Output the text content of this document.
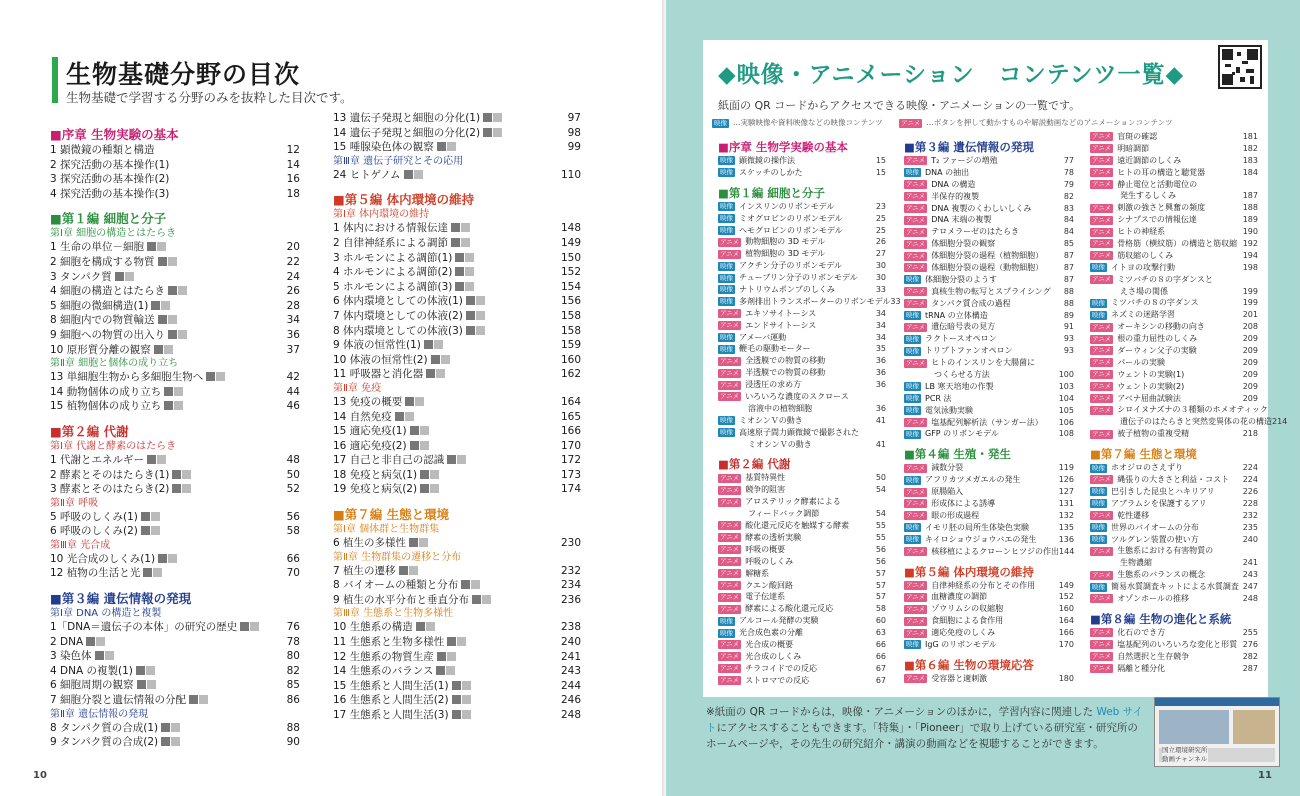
生物基礎分野の目次
生物基礎で学習する分野のみを抜粋した目次です。
■序章 生物実験の基本
1 顕微鏡の種類と構造	12
2 探究活動の基本操作(1)	14
3 探究活動の基本操作(2)	16
4 探究活動の基本操作(3)	18
■第１編 細胞と分子
第Ⅰ章 細胞の構造とはたらき
1 生命の単位－細胞	20
2 細胞を構成する物質	22
3 タンパク質	24
4 細胞の構造とはたらき	26
5 細胞の微細構造(1)	28
8 細胞内での物質輸送	34
9 細胞への物質の出入り	36
10 原形質分離の観察	37
第Ⅱ章 細胞と個体の成り立ち
13 単細胞生物から多細胞生物へ	42
14 動物個体の成り立ち	44
15 植物個体の成り立ち	46
■第２編 代謝
第Ⅰ章 代謝と酵素のはたらき
1 代謝とエネルギー	48
2 酵素とそのはたらき(1)	50
3 酵素とそのはたらき(2)	52
第Ⅱ章 呼吸
5 呼吸のしくみ(1)	56
6 呼吸のしくみ(2)	58
第Ⅲ章 光合成
10 光合成のしくみ(1)	66
12 植物の生活と光	70
■第３編 遺伝情報の発現
第Ⅰ章 DNA の構造と複製
1「DNA＝遺伝子の本体」の研究の歴史	76
2 DNA	78
3 染色体	80
4 DNA の複製(1)	82
6 細胞周期の観察	85
7 細胞分裂と遺伝情報の分配	86
第Ⅱ章 遺伝情報の発現
8 タンパク質の合成(1)	88
9 タンパク質の合成(2)	90
13 遺伝子発現と細胞の分化(1)	97
14 遺伝子発現と細胞の分化(2)	98
15 唾腺染色体の観察	99
第Ⅲ章 遺伝子研究とその応用
24 ヒトゲノム	110
■第５編 体内環境の維持
第Ⅰ章 体内環境の維持
1 体内における情報伝達	148
2 自律神経系による調節	149
3 ホルモンによる調節(1)	150
4 ホルモンによる調節(2)	152
5 ホルモンによる調節(3)	154
6 体内環境としての体液(1)	156
7 体内環境としての体液(2)	158
8 体内環境としての体液(3)	158
9 体液の恒常性(1)	159
10 体液の恒常性(2)	160
11 呼吸器と消化器	162
第Ⅱ章 免疫
13 免疫の概要	164
14 自然免疫	165
15 適応免疫(1)	166
16 適応免疫(2)	170
17 自己と非自己の認識	172
18 免疫と病気(1)	173
19 免疫と病気(2)	174
■第７編 生態と環境
第Ⅰ章 個体群と生物群集
6 植生の多様性	230
第Ⅱ章 生物群集の遷移と分布
7 植生の遷移	232
8 バイオームの種類と分布	234
9 植生の水平分布と垂直分布	236
第Ⅲ章 生態系と生物多様性
10 生態系の構造	238
11 生態系と生物多様性	240
12 生態系の物質生産	241
14 生態系のバランス	243
15 生態系と人間生活(1)	244
16 生態系と人間生活(2)	246
17 生態系と人間生活(3)	248
10
◆映像・アニメーション　コンテンツ一覧◆
紙面の QR コードからアクセスできる映像・アニメーションの一覧です。
映像 …実験映像や資料映像などの映像コンテンツ	アニメ …ボタンを押して動かすものや解説動画などのアニメーションコンテンツ
■序章 生物学実験の基本
映像 顕微鏡の操作法	15
映像 スケッチのしかた	15
■第１編 細胞と分子
映像 インスリンのリボンモデル	23
映像 ミオグロビンのリボンモデル	25
映像 ヘモグロビンのリボンモデル	25
アニメ 動物細胞の 3D モデル	26
アニメ 植物細胞の 3D モデル	27
映像 アクチン分子のリボンモデル	30
映像 チューブリン分子のリボンモデル	30
映像 ナトリウムポンプのしくみ	33
映像 多剤排出トランスポーターのリボンモデル 33
アニメ エキソサイトーシス	34
アニメ エンドサイトーシス	34
映像 アメーバ運動	34
映像 鞭毛の駆動モーター	35
アニメ 全透膜での物質の移動	36
アニメ 半透膜での物質の移動	36
アニメ 浸透圧の求め方	36
アニメ いろいろな濃度のスクロース
溶液中の植物細胞	36
映像 ミオシンＶの動き	41
映像 高速原子間力顕微鏡で撮影された
ミオシンＶの動き	41
■第２編 代謝
アニメ 基質特異性	50
アニメ 競争的阻害	54
アニメ アロステリック酵素による
フィードバック調節	54
アニメ 酸化還元反応を触媒する酵素	55
アニメ 酵素の透析実験	55
アニメ 呼吸の概要	56
アニメ 呼吸のしくみ	56
アニメ 解糖系	57
アニメ クエン酸回路	57
アニメ 電子伝達系	57
アニメ 酵素による酸化還元反応	58
映像 アルコール発酵の実験	60
映像 光合成色素の分離	63
アニメ 光合成の概要	66
アニメ 光合成のしくみ	66
アニメ チラコイドでの反応	67
アニメ ストロマでの反応	67
■第３編 遺伝情報の発現
アニメ T₂ ファージの増殖	77
映像 DNA の抽出	78
アニメ DNA の構造	79
アニメ 半保存的複製	82
アニメ DNA 複製のくわしいしくみ	83
アニメ DNA 末端の複製	84
アニメ テロメラーゼのはたらき	84
アニメ 体細胞分裂の観察	85
アニメ 体細胞分裂の過程（植物細胞）	87
アニメ 体細胞分裂の過程（動物細胞）	87
映像 体細胞分裂のようす	87
アニメ 真核生物の転写とスプライシング	88
アニメ タンパク質合成の過程	88
映像 tRNA の立体構造	89
アニメ 遺伝暗号表の見方	91
映像 ラクトースオペロン	93
映像 トリプトファンオペロン	93
アニメ ヒトのインスリンを大腸菌に
つくらせる方法	100
映像 LB 寒天培地の作製	103
映像 PCR 法	104
映像 電気泳動実験	105
アニメ 塩基配列解析法（サンガー法）	106
映像 GFP のリボンモデル	108
■第４編 生殖・発生
アニメ 減数分裂	119
映像 アフリカツメガエルの発生	126
アニメ 原腸陥入	127
アニメ 形成体による誘導	131
アニメ 眼の形成過程	132
映像 イモリ胚の局所生体染色実験	135
映像 キイロショウジョウバエの発生	136
アニメ 核移植によるクローンヒツジの作出 144
■第５編 体内環境の維持
アニメ 自律神経系の分布とその作用	149
アニメ 血糖濃度の調節	152
アニメ ゾウリムシの収縮胞	160
アニメ 食細胞による食作用	164
アニメ 適応免疫のしくみ	166
映像 IgG のリボンモデル	170
■第６編 生物の環境応答
アニメ 受容器と適刺激	180
アニメ 盲斑の確認	181
アニメ 明暗調節	182
アニメ 遠近調節のしくみ	183
アニメ ヒトの耳の構造と聴覚器	184
アニメ 静止電位と活動電位の
発生するしくみ	187
アニメ 刺激の強さと興奮の頻度	188
アニメ シナプスでの情報伝達	189
アニメ ヒトの神経系	190
アニメ 骨格筋（横紋筋）の構造と筋収縮 192
アニメ 筋収縮のしくみ	194
映像 イトヨの攻撃行動	198
アニメ ミツバチの８の字ダンスと
えさ場の関係	199
映像 ミツバチの８の字ダンス	199
映像 ネズミの迷路学習	201
アニメ オーキシンの移動の向き	208
アニメ 根の重力屈性のしくみ	209
アニメ ダーウィン父子の実験	209
アニメ パールの実験	209
アニメ ウェントの実験(1)	209
アニメ ウェントの実験(2)	209
アニメ アベナ屈曲試験法	209
アニメ シロイヌナズナの３種類のホメオティック
遺伝子のはたらきと突然変異体の花の構造 214
アニメ 被子植物の重複受精	218
■第７編 生態と環境
映像 ホオジロのさえずり	224
アニメ 縄張りの大きさと利益・コスト	224
映像 巴引きした昆虫とハキリアリ	226
映像 アブラムシを保護するアリ	228
アニメ 乾性遷移	232
映像 世界のバイオームの分布	235
映像 ツルグレン装置の使い方	240
アニメ 生態系における有害物質の
生物濃縮	241
アニメ 生態系のバランスの概念	243
映像 簡易水質調査キットによる水質調査 247
アニメ オゾンホールの推移	248
■第８編 生物の進化と系統
アニメ 化石のでき方	255
アニメ 塩基配列のいろいろな変化と形質 276
アニメ 自然選択と生存競争	282
アニメ 隔離と種分化	287
※紙面の QR コードからは，映像・アニメーションのほかに，学習内容に関連した Web サイトにアクセスすることもできます。「特集」・「Pioneer」で取り上げている研究室・研究所のホームページや，その先生の研究紹介・講演の動画などを視聴することができます。	国立環境研究所
動画チャンネル
11
